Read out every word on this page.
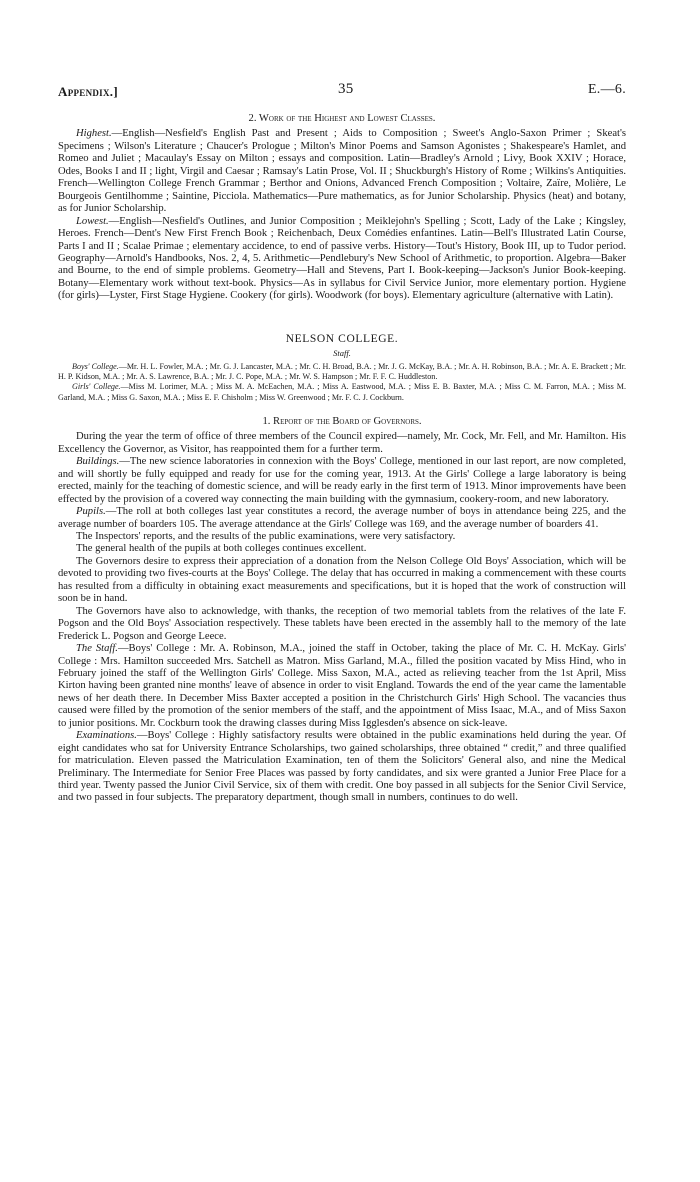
Appendix.]	35	E.—6.
2. Work of the Highest and Lowest Classes.

Highest.—English—Nesfield's English Past and Present ; Aids to Composition ; Sweet's Anglo-Saxon Primer ; Skeat's Specimens ; Wilson's Literature ; Chaucer's Prologue ; Milton's Minor Poems and Samson Agonistes ; Shakespeare's Hamlet, and Romeo and Juliet ; Macaulay's Essay on Milton ; essays and composition. Latin—Bradley's Arnold ; Livy, Book XXIV ; Horace, Odes, Books I and II ; light, Virgil and Caesar ; Ramsay's Latin Prose, Vol. II ; Shuckburgh's History of Rome ; Wilkins's Antiquities. French—Wellington College French Grammar ; Berthor and Onions, Advanced French Composition ; Voltaire, Zaïre, Molière, Le Bourgeois Gentilhomme ; Saintine, Picciola. Mathematics—Pure mathematics, as for Junior Scholarship. Physics (heat) and botany, as for Junior Scholarship.

Lowest.—English—Nesfield's Outlines, and Junior Composition ; Meiklejohn's Spelling ; Scott, Lady of the Lake ; Kingsley, Heroes. French—Dent's New First French Book ; Reichenbach, Deux Comédies enfantines. Latin—Bell's Illustrated Latin Course, Parts I and II ; Scalae Primae ; elementary accidence, to end of passive verbs. History—Tout's History, Book III, up to Tudor period. Geography—Arnold's Handbooks, Nos. 2, 4, 5. Arithmetic—Pendlebury's New School of Arithmetic, to proportion. Algebra—Baker and Bourne, to the end of simple problems. Geometry—Hall and Stevens, Part I. Book-keeping—Jackson's Junior Book-keeping. Botany—Elementary work without text-book. Physics—As in syllabus for Civil Service Junior, more elementary portion. Hygiene (for girls)—Lyster, First Stage Hygiene. Cookery (for girls). Woodwork (for boys). Elementary agriculture (alternative with Latin).

NELSON COLLEGE.
Staff.

Boys' College.—Mr. H. L. Fowler, M.A. ; Mr. G. J. Lancaster, M.A. ; Mr. C. H. Broad, B.A. ; Mr. J. G. McKay, B.A. ; Mr. A. H. Robinson, B.A. ; Mr. A. E. Brackett ; Mr. H. P. Kidson, M.A. ; Mr. A. S. Lawrence, B.A. ; Mr. J. C. Pope, M.A. ; Mr. W. S. Hampson ; Mr. F. F. C. Huddleston.

Girls' College.—Miss M. Lorimer, M.A. ; Miss M. A. McEachen, M.A. ; Miss A. Eastwood, M.A. ; Miss E. B. Baxter, M.A. ; Miss C. M. Farron, M.A. ; Miss M. Garland, M.A. ; Miss G. Saxon, M.A. ; Miss E. F. Chisholm ; Miss W. Greenwood ; Mr. F. C. J. Cockburn.

1. Report of the Board of Governors.

During the year the term of office of three members of the Council expired—namely, Mr. Cock, Mr. Fell, and Mr. Hamilton. His Excellency the Governor, as Visitor, has reappointed them for a further term.

Buildings.—The new science laboratories in connexion with the Boys' College, mentioned in our last report, are now completed, and will shortly be fully equipped and ready for use for the coming year, 1913. At the Girls' College a large laboratory is being erected, mainly for the teaching of domestic science, and will be ready early in the first term of 1913. Minor improvements have been effected by the provision of a covered way connecting the main building with the gymnasium, cookery-room, and new laboratory.

Pupils.—The roll at both colleges last year constitutes a record, the average number of boys in attendance being 225, and the average number of boarders 105. The average attendance at the Girls' College was 169, and the average number of boarders 41.

The Inspectors' reports, and the results of the public examinations, were very satisfactory.

The general health of the pupils at both colleges continues excellent.

The Governors desire to express their appreciation of a donation from the Nelson College Old Boys' Association, which will be devoted to providing two fives-courts at the Boys' College. The delay that has occurred in making a commencement with these courts has resulted from a difficulty in obtaining exact measurements and specifications, but it is hoped that the work of construction will soon be in hand.

The Governors have also to acknowledge, with thanks, the reception of two memorial tablets from the relatives of the late F. Pogson and the Old Boys' Association respectively. These tablets have been erected in the assembly hall to the memory of the late Frederick L. Pogson and George Leece.

The Staff.—Boys' College : Mr. A. Robinson, M.A., joined the staff in October, taking the place of Mr. C. H. McKay. Girls' College : Mrs. Hamilton succeeded Mrs. Satchell as Matron. Miss Garland, M.A., filled the position vacated by Miss Hind, who in February joined the staff of the Wellington Girls' College. Miss Saxon, M.A., acted as relieving teacher from the 1st April, Miss Kirton having been granted nine months' leave of absence in order to visit England. Towards the end of the year came the lamentable news of her death there. In December Miss Baxter accepted a position in the Christchurch Girls' High School. The vacancies thus caused were filled by the promotion of the senior members of the staff, and the appointment of Miss Isaac, M.A., and of Miss Saxon to junior positions. Mr. Cockburn took the drawing classes during Miss Igglesden's absence on sick-leave.

Examinations.—Boys' College : Highly satisfactory results were obtained in the public examinations held during the year. Of eight candidates who sat for University Entrance Scholarships, two gained scholarships, three obtained “ credit,” and three qualified for matriculation. Eleven passed the Matriculation Examination, ten of them the Solicitors' General also, and nine the Medical Preliminary. The Intermediate for Senior Free Places was passed by forty candidates, and six were granted a Junior Free Place for a third year. Twenty passed the Junior Civil Service, six of them with credit. One boy passed in all subjects for the Senior Civil Service, and two passed in four subjects. The preparatory department, though small in numbers, continues to do well.
